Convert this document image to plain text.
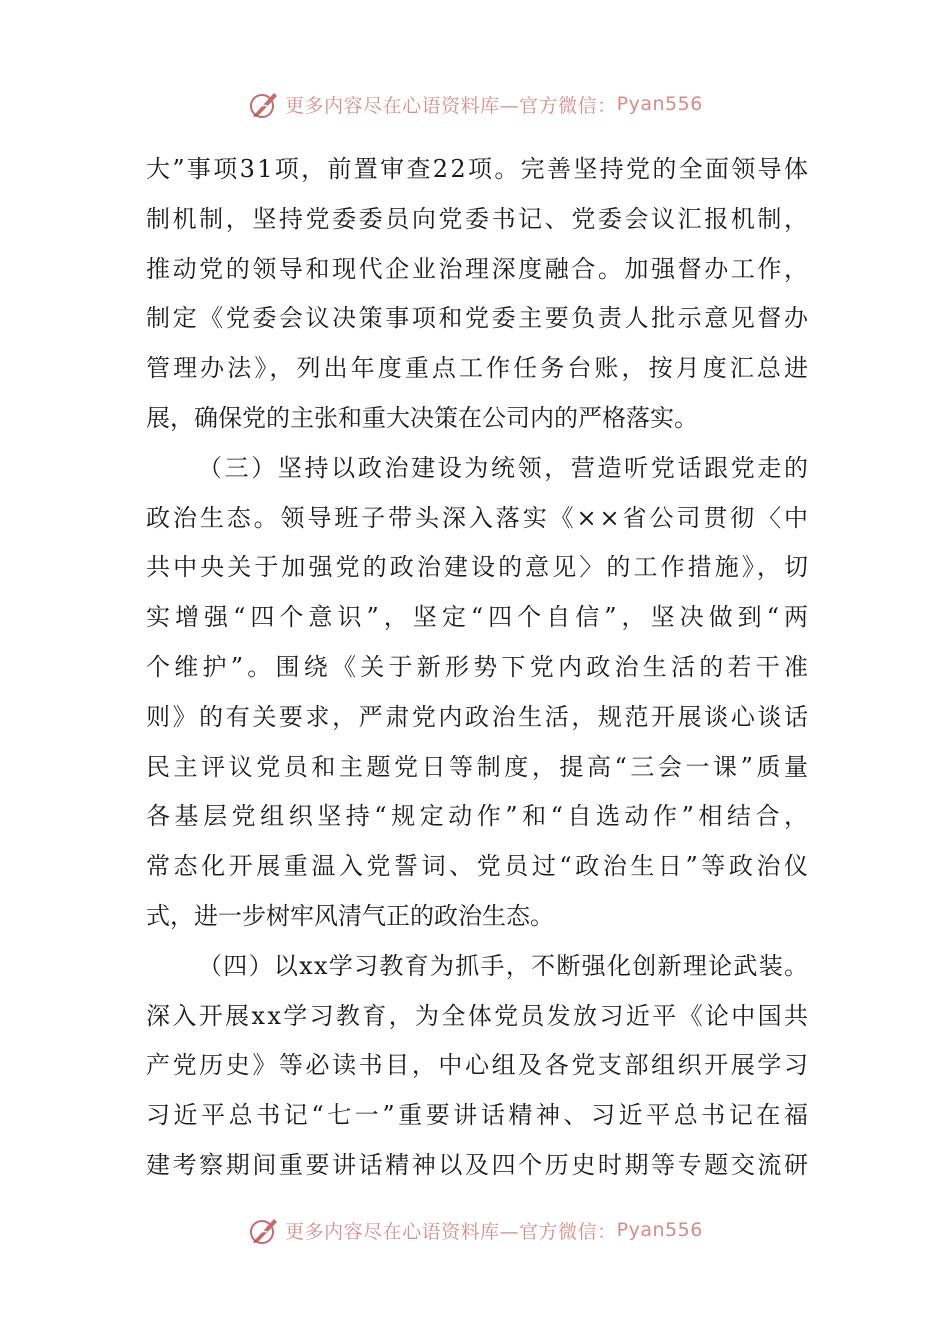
更多内容尽在心语资料库—官方微信： Pyan556
大”事项31项，前置审查22项。完善坚持党的全面领导体
制机制，坚持党委委员向党委书记、党委会议汇报机制，
推动党的领导和现代企业治理深度融合。加强督办工作，
制定《党委会议决策事项和党委主要负责人批示意见督办
管理办法》，列出年度重点工作任务台账，按月度汇总进
展，确保党的主张和重大决策在公司内的严格落实。
（三）坚持以政治建设为统领，营造听党话跟党走的
政治生态。领导班子带头深入落实《××省公司贯彻〈中
共中央关于加强党的政治建设的意见〉的工作措施》，切
实增强“四个意识”，坚定“四个自信”，坚决做到“两
个维护”。围绕《关于新形势下党内政治生活的若干准
则》的有关要求，严肃党内政治生活，规范开展谈心谈话
民主评议党员和主题党日等制度，提高“三会一课”质量
各基层党组织坚持“规定动作”和“自选动作”相结合，
常态化开展重温入党誓词、党员过“政治生日”等政治仪
式，进一步树牢风清气正的政治生态。
（四）以xx学习教育为抓手，不断强化创新理论武装。
深入开展xx学习教育，为全体党员发放习近平《论中国共
产党历史》等必读书目，中心组及各党支部组织开展学习
习近平总书记“七一”重要讲话精神、习近平总书记在福
建考察期间重要讲话精神以及四个历史时期等专题交流研
更多内容尽在心语资料库—官方微信： Pyan556
